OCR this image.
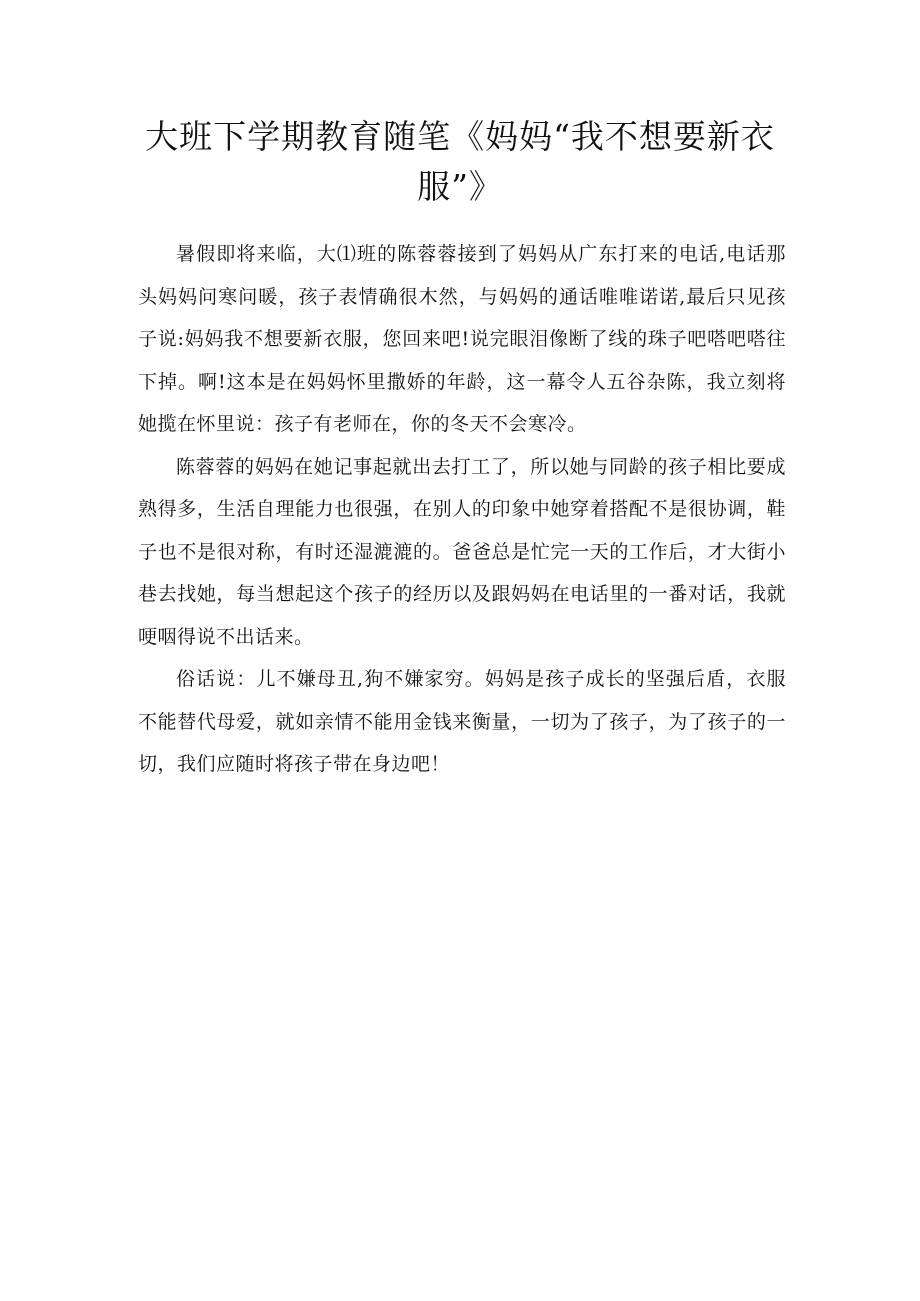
大班下学期教育随笔《妈妈“我不想要新衣服”》

暑假即将来临，大⑴班的陈蓉蓉接到了妈妈从广东打来的电话,电话那头妈妈问寒问暖，孩子表情确很木然，与妈妈的通话唯唯诺诺,最后只见孩子说:妈妈我不想要新衣服，您回来吧!说完眼泪像断了线的珠子吧嗒吧嗒往下掉。啊!这本是在妈妈怀里撒娇的年龄，这一幕令人五谷杂陈，我立刻将她揽在怀里说：孩子有老师在，你的冬天不会寒冷。

陈蓉蓉的妈妈在她记事起就出去打工了，所以她与同龄的孩子相比要成熟得多，生活自理能力也很强，在别人的印象中她穿着搭配不是很协调，鞋子也不是很对称，有时还湿漉漉的。爸爸总是忙完一天的工作后，才大街小巷去找她，每当想起这个孩子的经历以及跟妈妈在电话里的一番对话，我就哽咽得说不出话来。

俗话说：儿不嫌母丑,狗不嫌家穷。妈妈是孩子成长的坚强后盾，衣服不能替代母爱，就如亲情不能用金钱来衡量，一切为了孩子，为了孩子的一切，我们应随时将孩子带在身边吧！
